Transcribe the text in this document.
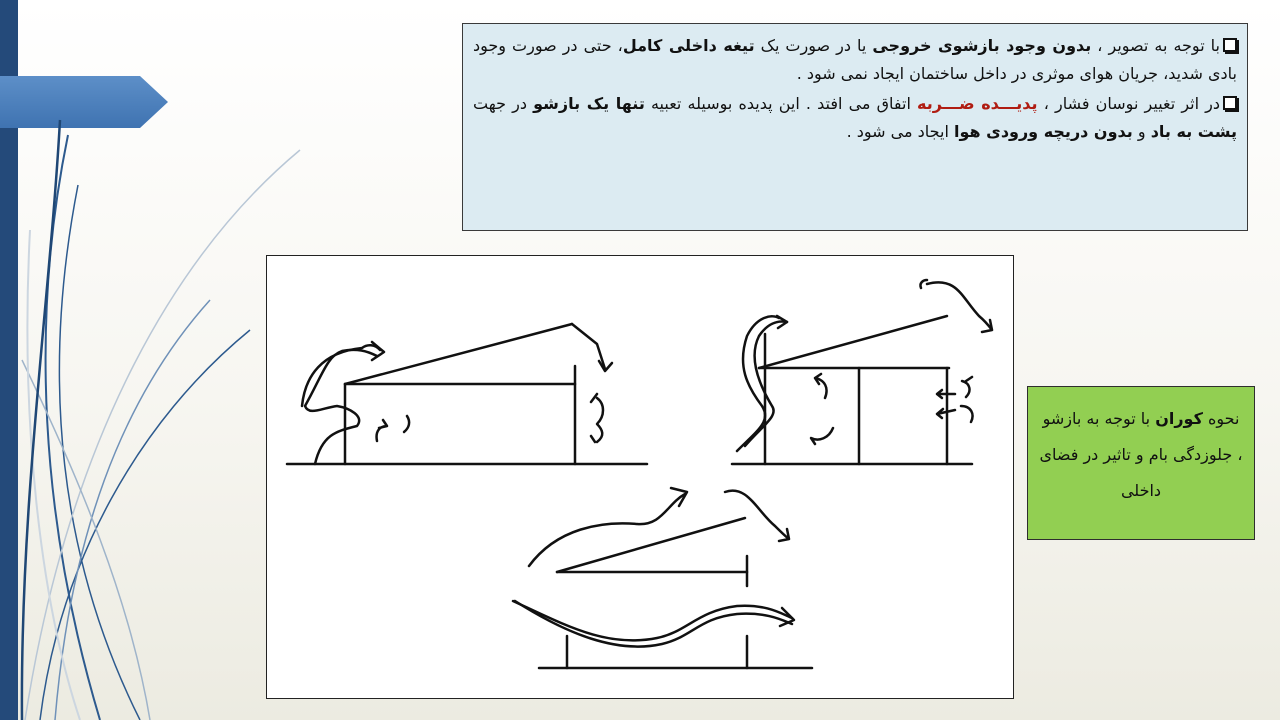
با توجه به تصویر ، بدون وجود بازشوی خروجی یا در صورت یک تیغه داخلی کامل، حتی در صورت وجود بادی شدید، جریان هوای موثری در داخل ساختمان ایجاد نمی شود .

در اثر تغییر نوسان فشار ، پدیـــده ضـــربه اتفاق می افتد . این پدیده بوسیله تعبیه تنها یک بازشو در جهت پشت به باد و بدون دریچه ورودی هوا ایجاد می شود .

نحوه کوران با توجه به بازشو ، جلوزدگی بام و تاثیر در فضای داخلی
